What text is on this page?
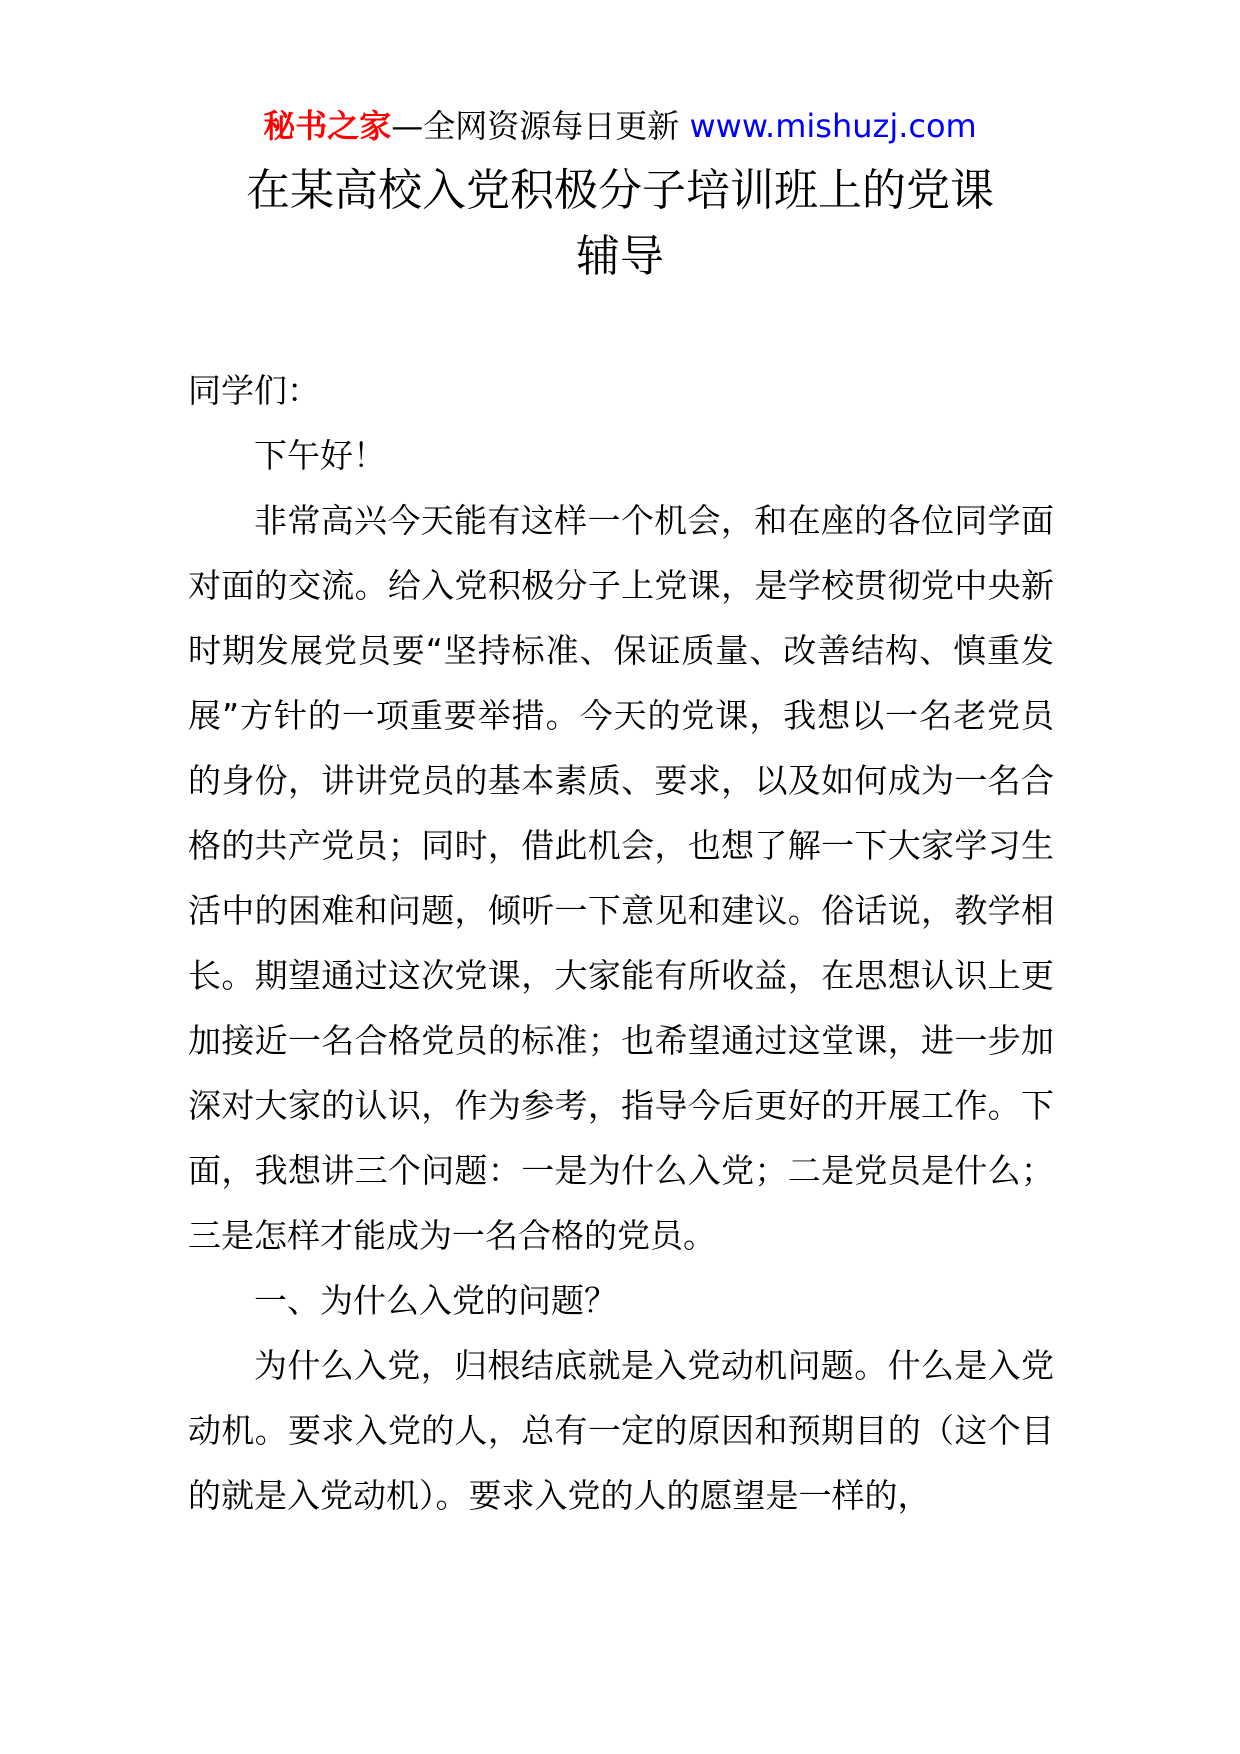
秘书之家—全网资源每日更新 www.mishuzj.com
在某高校入党积极分子培训班上的党课
辅导

同学们：

下午好！

非常高兴今天能有这样一个机会，和在座的各位同学面对面的交流。给入党积极分子上党课，是学校贯彻党中央新时期发展党员要“坚持标准、保证质量、改善结构、慎重发展”方针的一项重要举措。今天的党课，我想以一名老党员的身份，讲讲党员的基本素质、要求，以及如何成为一名合格的共产党员；同时，借此机会，也想了解一下大家学习生活中的困难和问题，倾听一下意见和建议。俗话说，教学相长。期望通过这次党课，大家能有所收益，在思想认识上更加接近一名合格党员的标准；也希望通过这堂课，进一步加深对大家的认识，作为参考，指导今后更好的开展工作。下面，我想讲三个问题：一是为什么入党；二是党员是什么；三是怎样才能成为一名合格的党员。

一、为什么入党的问题？

为什么入党，归根结底就是入党动机问题。什么是入党动机。要求入党的人，总有一定的原因和预期目的（这个目的就是入党动机）。要求入党的人的愿望是一样的，
